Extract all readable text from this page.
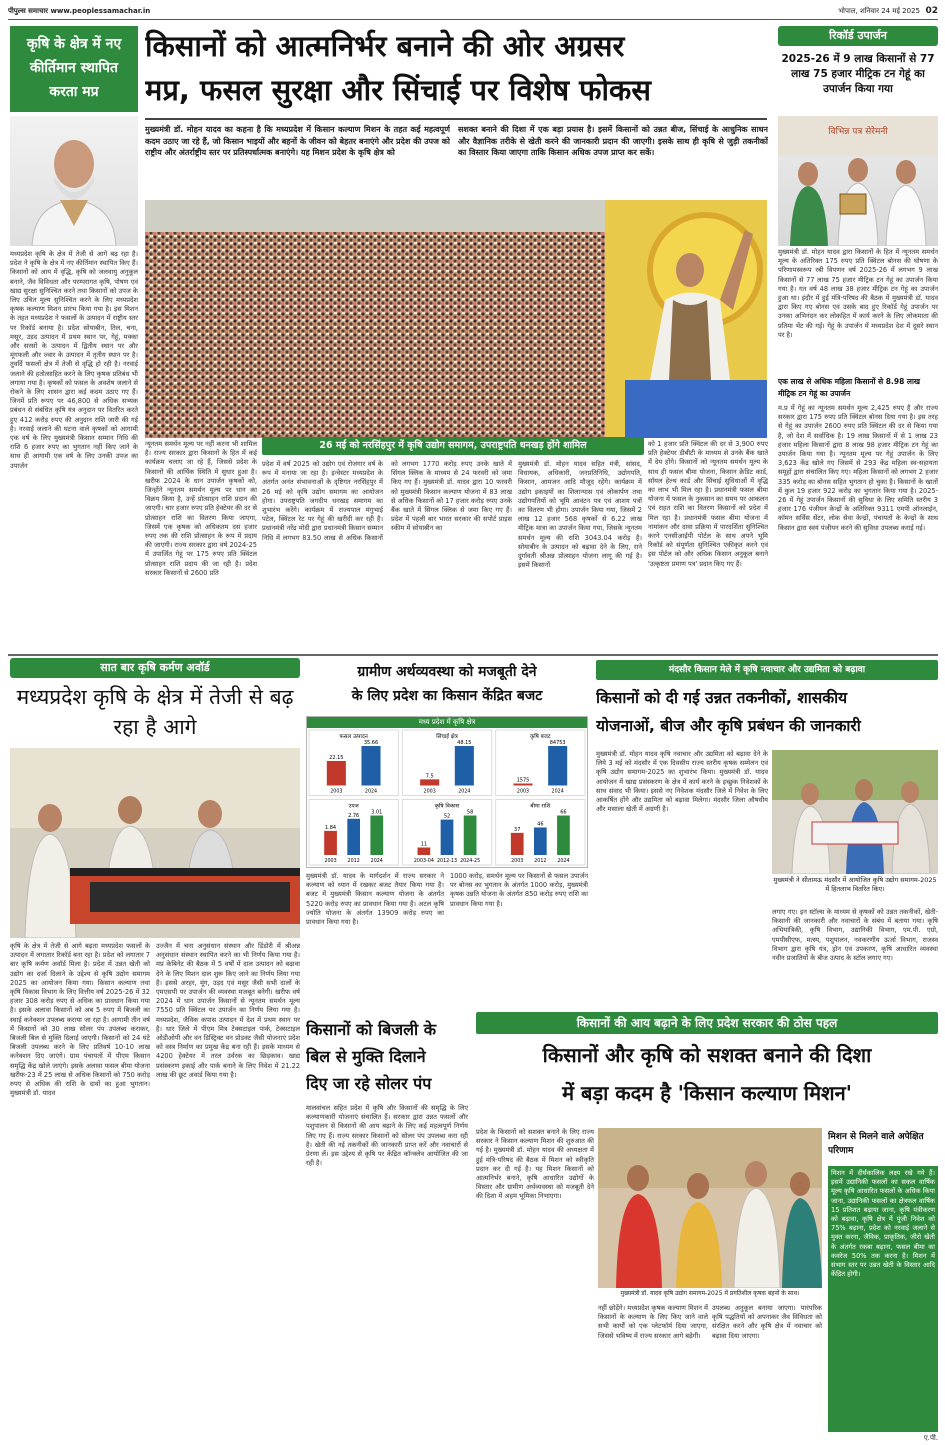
पीपुल्स समाचार www.peoplessamachar.in	भोपाल, शनिवार 24 मई 2025 02
कृषि के क्षेत्र में नए कीर्तिमान स्थापित करता मप्र
मध्यप्रदेश कृषि के क्षेत्र में तेजी से आगे बढ़ रहा है। प्रदेश ने कृषि के क्षेत्र में नए कीर्तिमान स्थापित किए हैं। किसानों को आय में वृद्धि, कृषि को जलवायु अनुकूल बनाने, जैव विविधता और परम्परागत कृषि, पोषण एवं खाद्य सुरक्षा सुनिश्चित करने तथा किसानों को उपज के लिए उचित मूल्य सुनिश्चित करने के लिए मध्यप्रदेश कृषक कल्याण मिशन प्रारंभ किया गया है। इस मिशन के तहत मध्यप्रदेश ने फसलों के उत्पादन में राष्ट्रीय स्तर पर रिकॉर्ड बनाया है। प्रदेश सोयाबीन, तिल, चना, मसूर, उड़द उत्पादन में प्रथम स्थान पर, गेहूं, मक्का और सरसों के उत्पादन में द्वितीय स्थान पर और मूंगफली और ज्वार के उत्पादन में तृतीय स्थान पर है। तुवर्दि फसलों क्षेत्र में तेजी से वृद्धि हो रही है। नरवाई जलाने की हतोत्साहित करने के लिए कृषक प्रतिबंध भी लगाया गया है। कृषकों को फसल के अवशेष जलाने से रोकने के लिए शासन द्वारा कई कदम उठाए गए हैं। जिनमें प्रति रूपए पर 46,800 से अधिक सभ्यक प्रबंधन से संबंधित कृषि यंत्र अनुदान पर वितरित करते हुए 412 करोड़ रुपए की अनुदान राशि जारी की गई है। नरवाई जलाने की घटना वाले कृषकों को आगामी एक वर्ष के लिए मुख्यमंत्री किसान सम्मान निधि की राशि 6 हजार रुपए का भुगतान नहीं किए जाने के साथ ही आगामी एक वर्ष के लिए उनकी उपज का उपार्जन
किसानों को आत्मनिर्भर बनाने की ओर अग्रसर
मप्र, फसल सुरक्षा और सिंचाई पर विशेष फोकस
मुख्यमंत्री डॉ. मोहन यादव का कहना है कि मध्यप्रदेश में किसान कल्याण मिशन के तहत कई महत्वपूर्ण कदम उठाए जा रहे हैं, जो किसान भाइयों और बहनों के जीवन को बेहतर बनाएंगे और प्रदेश की उपज को राष्ट्रीय और अंतर्राष्ट्रीय स्तर पर प्रतिस्पर्धात्मक बनाएंगे। यह मिशन प्रदेश के कृषि क्षेत्र को
सशक्त बनाने की दिशा में एक बड़ा प्रयास है। इसमें किसानों को उन्नत बीज, सिंचाई के आधुनिक साधन और वैज्ञानिक तरीके से खेती करने की जानकारी प्रदान की जाएगी। इसके साथ ही कृषि से जुड़ी तकनीकों का विस्तार किया जाएगा ताकि किसान अधिक उपज प्राप्त कर सकें।
26 मई को नरसिंहपुर में कृषि उद्योग समागम, उपराष्ट्रपति धनखड़ होंगे शामिल
न्यूनतम समर्थन मूल्य पर नहीं करना भी शामिल है। राज्य सरकार द्वारा किसानों के हित में कई कार्यक्रम चलाए जा रहे हैं, जिससे प्रदेश के किसानों की आर्थिक स्थिति में सुधार हुआ है। खरीफ 2024 के धान उपार्जन कृषकों को, जिन्होंने न्यूनतम समर्थन मूल्य पर धान का विक्रय किया है, उन्हें प्रोत्साहन राशि प्रदान की जाएगी। चार हजार रुपए प्रति हेक्टेयर की दर से प्रोत्साहन राशि का वितरण किया जाएगा, जिसमें एक कृषक को अधिकतम दस हजार रुपए तक की राशि प्रोत्साहन के रूप में प्रदाय की जाएगी। राज्य सरकार द्वारा वर्ष 2024-25 में उपार्जित गेहूं पर 175 रुपए प्रति क्विंटल प्रोत्साहन राशि प्रदाय की जा रही है। प्रदेश सरकार किसानों से 2600 प्रति
प्रदेश में वर्ष 2025 को उद्योग एवं रोजगार वर्ष के रूप में मनाया जा रहा है। इन्वेस्टर मध्यप्रदेश के अंतर्गत अनंत संभावनाओं के दृष्टिगत नरसिंहपुर में 26 मई को कृषि उद्योग समागम का आयोजन होगा। उपराष्ट्रपति जगदीप धनखड़ समागम का शुभारंभ करेंगे। कार्यक्रम में राज्यपाल मंगुभाई पटेल, क्विंटल रेट पर गेहूं की खरीदी कर रही है। प्रधानमंत्री नरेंद्र मोदी द्वारा प्रधानमंत्री किसान सम्मान निधि में लगभग 83.50 लाख से अधिक किसानों को लगभग 1770 करोड़ रुपए उनके खाते में सिंगल क्लिक के माध्यम से 24 फरवरी को जमा किए गए हैं। मुख्यमंत्री डॉ. यादव द्वारा 10 फरवरी को मुख्यमंत्री किसान कल्याण योजना में 83 लाख से अधिक किसानों को 17 हजार करोड़ रुपए उनके बैंक खाते में सिंगल क्लिक से जमा किए गए हैं। प्रदेश में पहली बार भारत सरकार की सपोर्ट प्राइस स्कीम में सोयाबीन का
मुख्यमंत्री डॉ. मोहन यादव सहित मंत्री, सांसद, विधायक, अधिकारी, जनप्रतिनिधि, उद्योगपति, किसान, आमजन आदि मौजूद रहेंगे। कार्यक्रम में उद्योग इकाइयों का शिलान्यास एवं लोकार्पण तथा उद्योगपतियों को भूमि आवंटन पत्र एवं आशय पत्रों का वितरण भी होगा। उपार्जन किया गया, जिसमें 2 लाख 12 हजार 568 कृषकों से 6.22 लाख मीट्रिक मात्रा का उपार्जन किया गया, जिसके न्यूनतम समर्थन मूल्य की राशि 3043.04 करोड़ है। सोयाबीन के उत्पादन को बढ़ावा देने के लिए, राने दुर्गावती श्रीअन्न प्रोत्साहन योजना लागू की गई है। इसमें किसानों
को 1 हजार प्रति क्विंटल की दर से 3,900 रुपए प्रति हेक्टेयर डीबीटी के माध्यम से उनके बैंक खाते में देय होंगे। किसानों को न्यूनतम समर्थन मूल्य के साथ ही फसल बीमा योजना, किसान क्रेडिट कार्ड, सॉयल हेल्थ कार्ड और सिंचाई सुविधाओं में वृद्धि का लाभ भी मिल रहा है। प्रधानमंत्री फसल बीमा योजना में फसल के नुकसान का समय पर आकलन एवं राहत राशि का वितरण किसानों को प्रदेश में मिल रहा है। प्रधानमंत्री फसल बीमा योजना में नामांकन और दावा प्रक्रिया में पारदर्शिता सुनिश्चित करने एनसीआईपी पोर्टल के साथ अपने भूमि रिकॉर्ड को संपूर्णता सुनिश्चित एकीकृत करने एवं इस पोर्टल को और अधिक किसान अनुकूल बनाने 'उत्कृष्टता प्रमाण पत्र' प्रदान किए गए हैं।
रिकॉर्ड उपार्जन
2025-26 में 9 लाख किसानों से 77 लाख 75 हजार मीट्रिक टन गेहूं का उपार्जन किया गया
विभिन्न पत्र सेरेमनी
मुख्यमंत्री डॉ. मोहन यादव द्वारा किसानों के हित में न्यूनतम समर्थन मूल्य के अतिरिक्त 175 रुपए प्रति क्विंटल बोनस की घोषणा के परिणामस्वरूप रबी विपणन वर्ष 2025-26 में लगभग 9 लाख किसानों से 77 लाख 75 हजार मीट्रिक टन गेहूं का उपार्जन किया गया है। गत वर्ष 48 लाख 38 हजार मीट्रिक टन गेहूं का उपार्जन हुआ था। इंदौर में हुई मंत्रि-परिषद की बैठक में मुख्यमंत्री डॉ. यादव द्वारा किए गए बोनस एवं उसके बाद हुए रिकॉर्ड गेहूं उपार्जन पर उनका अभिनंदन कर लोकहित में कार्य करने के लिए लोकमाता की प्रतिमा भेंट की गई। गेहूं के उपार्जन में मध्यप्रदेश देश में दूसरे स्थान पर है।
एक लाख से अधिक महिला किसानों से 8.98 लाख मीट्रिक टन गेहूं का उपार्जन
म.प्र में गेहूं का न्यूनतम समर्थन मूल्य 2,425 रुपए है और राज्य सरकार द्वारा 175 रुपए प्रति क्विंटल बोनस दिया गया है। इस तरह से गेहूं का उपार्जन 2600 रुपए प्रति क्विंटल की दर से किया गया है, जो देश में सर्वाधिक है। 19 लाख किसानों में से 1 लाख 23 हजार महिला किसानों द्वारा 8 लाख 98 हजार मीट्रिक टन गेहूं का उपार्जन किया गया है। न्यूनतम मूल्य पर गेहूं उपार्जन के लिए 3,623 केंद्र खोले गए जिसमें से 293 केंद्र महिला स्व-सहायता समूहों द्वारा संचालित किए गए। महिला किसानों को लगभग 2 हजार 335 करोड़ का बोनस सहित भुगतान हो चुका है। किसानों के खातों में कुल 19 हजार 922 करोड़ का भुगतान किया गया है। 2025-26 में गेहूं उपार्जन किसानों की सुविधा के लिए समिति स्तरीय 3 हजार 176 पंजीयन केन्द्रों के अतिरिक्त 9311 एमपी ऑनलाईन, कॉमन सर्विस सेंटर, लोक सेवा केन्द्रों, पंचायतों के केन्द्रों के साथ किसान द्वारा स्वयं पंजीयन करने की सुविधा उपलब्ध कराई गई।
सात बार कृषि कर्मण अवॉर्ड
मध्यप्रदेश कृषि के क्षेत्र में तेजी से बढ़ रहा है आगे
कृषि के क्षेत्र में तेजी से आगे बढ़ता मध्यप्रदेश फसलों के उत्पादन में लगातार रिकॉर्ड बना रहा है। प्रदेश को लगातार 7 बार कृषि कर्मण अवॉर्ड मिला है। प्रदेश में उन्नत खेती को उद्योग का दर्जा दिलाने के उद्देश्य से कृषि उद्योग समागम 2025 का आयोजन किया गया। किसान कल्याण तथा कृषि विकास विभाग के लिए वित्तीय वर्ष 2025-26 में 32 हजार 308 करोड़ रुपए से अधिक का प्रावधान किया गया है। इसके अलावा किसानों को अब 5 रुपए में बिजली का स्थाई कनेक्शन उपलब्ध कराया जा रहा है। आगामी तीन वर्ष में किसानों को 30 लाख सोलर पंप उपलब्ध कराकर, बिजली बिल से मुक्ति दिलाई जाएगी। किसानों को 24 घंटे बिजली उपलब्ध करने के लिए प्रतिवर्ष 10-10 लाख कनेक्शन दिए जाएंगे। ग्राम पंचायतों में पीएम किसान समृद्धि केंद्र खोले जाएंगे। इसके अलावा फसल बीमा योजना खरीफ-23 में 25 लाख से अधिक किसानों को 750 करोड़ रुपए से अधिक की राशि के दावों का हुआ भुगतान। मुख्यमंत्री डॉ. यादव
उज्जैन में चना अनुसंधान संस्थान और डिंडोरी में श्रीअन्न अनुसंधान संस्थान स्थापित करने का भी निर्णय किया गया है। मप्र केबिनेट की बैठक में 5 वर्षों में दाल उत्पादन को बढ़ावा देने के लिए मिशन दाल शुरू किए जाने का निर्णय लिया गया है। इससे अरहर, मूंग, उड़द एवं मसूर जैसी सभी दालों के एमएसपी पर उपार्जन की व्यवस्था मजबूत बनेगी। खरीफ वर्ष 2024 में धान उपार्जन किसानों से न्यूनतम समर्थन मूल्य 7550 प्रति क्विंटल पर उपार्जन का निर्णय लिया गया है। मध्यप्रदेश, जैविक कपास उत्पादन में देश में प्रथम स्थान पर है। धार जिले में पीएम मित्र टेक्सटाइल पार्क, टेक्सटाइल ओडीओपी और वन डिस्ट्रिक्ट वन प्रोडक्ट जैसी योजनाएं प्रदेश को वस्त्र निर्माण का प्रमुख केंद्र बना रही हैं। इसके माध्यम से 4200 हेक्टेयर में तरल उर्वरक का छिड़काव। खाद्य प्रसंस्करण इकाई और पार्क बनाने के लिए निवेश में 21.22 लाख की छूट अवार्ड किया गया है।
ग्रामीण अर्थव्यवस्था को मजबूती देने
के लिए प्रदेश का किसान केंद्रित बजट
मध्य प्रदेश में कृषि क्षेत्र
फसल उत्पादन
22.15
2003
35.66
2024
सिंचाई क्षेत्र
7.5
2003
48.15
2024
कृषि बजट
1575
2003
84753
2024
उपज
1.84
2003
2.76
2012
3.01
2024
कृषि विकास
11
2003-04
52
2012-13
58
2024-25
बीमा राशि
37
2003
46
2012
66
2024
मुख्यमंत्री डॉ. यादव के मार्गदर्शन में राज्य सरकार ने कल्याण को ध्यान में रखकर बजट तैयार किया गया है। बजट में मुख्यमंत्री किसान कल्याण योजना के अंतर्गत 5220 करोड़ रुपए का प्रावधान किया गया है। अटल कृषि ज्योति योजना के अंतर्गत 13909 करोड़ रुपए का प्रावधान किया गया है।
1000 करोड़, समर्थन मूल्य पर किसानों से फसल उपार्जन पर बोनस का भुगतान के अंतर्गत 1000 करोड़, मुख्यमंत्री कृषक उन्नति योजना के अंतर्गत 850 करोड़ रुपए राशि का प्रावधान किया गया है।
किसानों को बिजली के
बिल से मुक्ति दिलाने
दिए जा रहे सोलर पंप
मालवांचल सहित प्रदेश में कृषि और किसानों की समृद्धि के लिए कल्याणकारी योजनाएं संचालित हैं। सरकार द्वारा उन्नत फसलों और पशुपालन से किसानों की आय बढ़ाने के लिए कई महत्वपूर्ण निर्णय लिए गए हैं। राज्य सरकार किसानों को सोलर पंप उपलब्ध करा रही है। खेती की नई तकनीकों की जानकारी प्राप्त करें और नवाचारों से प्रेरणा लें। इस उद्देश्य से कृषि पर केंद्रित कॉन्क्लेव आयोजित की जा रही है।
मंदसौर किसान मेले में कृषि नवाचार और उद्यमिता को बढ़ावा
किसानों को दी गई उन्नत तकनीकों, शासकीय
योजनाओं, बीज और कृषि प्रबंधन की जानकारी
मुख्यमंत्री डॉ. मोहन यादव कृषि नवाचार और उद्यमिता को बढ़ावा देने के लिये 3 मई को मंदसौर में एक दिवसीय राज्य स्तरीय कृषक सम्मेलन एवं कृषि उद्योग समागम-2025 का शुभारंभ किया। मुख्यमंत्री डॉ. यादव आयोजन में खाद्य प्रसंस्करण के क्षेत्र में कार्य करने के इच्छुक निवेशकों के साथ संवाद भी किया। इससे नए निवेशक मंदसौर जिले में निवेश के लिए आकर्षित होंगे और उद्यमिता को बढ़ावा मिलेगा। मंदसौर जिला औषधीय और मसाला खेती में अग्रणी है।
मुख्यमंत्री ने सीतामऊ मंदसौर में आयोजित कृषि उद्योग समागम-2025 में हितलाभ वितरित किए।
लगाए गए। इन स्टॉल्स के माध्यम से कृषकों को उन्नत तकनीकों, खेती-किसानी की जानकारी और नवाचारों के संबंध में बताया गया। कृषि अभियांत्रिकी, कृषि विभाग, उद्यानिकी विभाग, एम.पी. एग्रो, एमपीसीएफ, मत्स्य, पशुपालन, नवकरणीय ऊर्जा विभाग, राजस्व विभाग द्वारा कृषि यंत्र, ड्रोन एवं उपकरण, कृषि आधारित व्यवस्था नवीन प्रजातियों के बीज उत्पाद के स्टॉल लगाए गए।
किसानों की आय बढ़ाने के लिए प्रदेश सरकार की ठोस पहल
किसानों और कृषि को सशक्त बनाने की दिशा
में बड़ा कदम है 'किसान कल्याण मिशन'
प्रदेश के किसानों को सशक्त बनाने के लिए राज्य सरकार ने किसान कल्याण मिशन की शुरुआत की गई है। मुख्यमंत्री डॉ. मोहन यादव की अध्यक्षता में हुई मंत्रि-परिषद की बैठक में मिशन को स्वीकृति प्रदान कर दी गई है। यह मिशन किसानों को आत्मनिर्भर बनाने, कृषि आधारित उद्योगों के विस्तार और ग्रामीण अर्थव्यवस्था को मजबूती देने की दिशा में अहम भूमिका निभाएगा।
मुख्यमंत्री डॉ. यादव कृषि उद्योग समागम-2025 में प्रगतिशील कृषक बहनों के साथ।
नहीं छोड़ेंगे। मध्यप्रदेश कृषक कल्याण मिशन में किसानों के कल्याण के लिए किए जाने वाले सभी कार्यों को एक प्लेटफॉर्म दिया जाएगा, जिससे भविष्य में राज्य सरकार आगे बढ़ेगी।
उपलब्ध अनुकूल बनाया जाएगा। पारंपरिक कृषि पद्धतियों को अपनाकर जैव विविधता को संरक्षित करने और कृषि क्षेत्र में नवाचार को बढ़ावा दिया जाएगा।
मिशन से मिलने वाले अपेक्षित परिणाम
मिशन में दीर्घकालिक लक्ष्य रखे गये हैं। इसमें उद्यानिकी फसलों का सकल वार्षिक मूल्य कृषि आधारित फसलों के अधिक किया जाना, उद्यानिकी फसलों का क्षेत्रफल वार्षिक 15 प्रतिशत बढ़ाया जाना, कृषि यंत्रीकरण को बढ़ावा, कृषि क्षेत्र में पूंजी निवेश को 75% बढ़ाना, प्रदेश को नरवाई जलाने से मुक्त करना, जैविक, प्राकृतिक, जीरो खेती के अंतर्गत रकबा बढ़ाना, फसल बीमा का कवरेज 50% तक करना है। मिशन में संभाग स्तर पर उन्नत खेती के विस्तार आदि केंद्रित होगी।
ए.पी.
